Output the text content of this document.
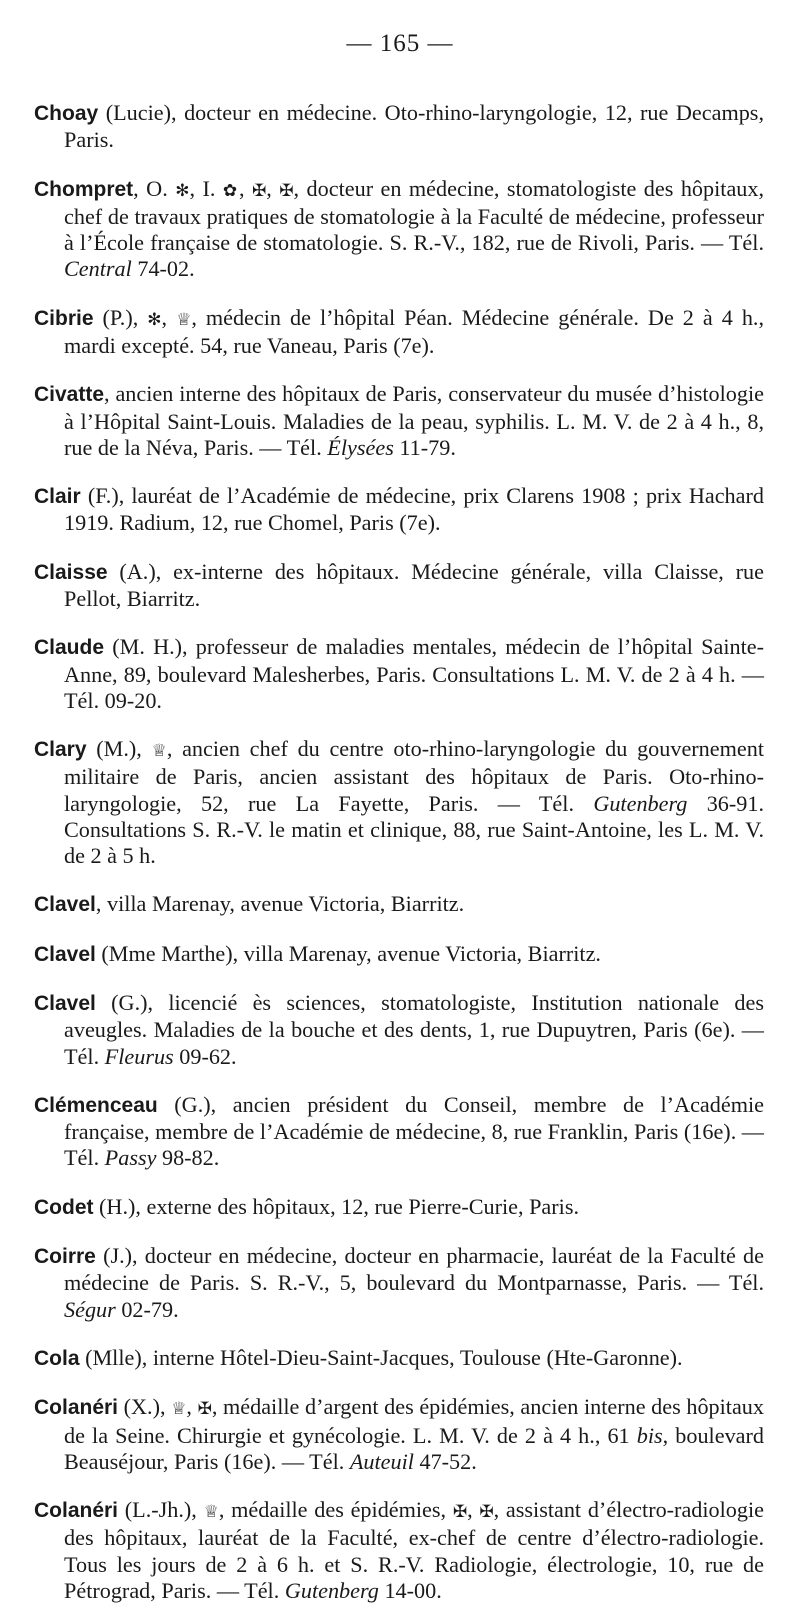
— 165 —

Choay (Lucie), docteur en médecine. Oto-rhino-laryngologie, 12, rue Decamps, Paris.

Chompret, O. ✻, I. ✿, ✠, ✠, docteur en médecine, stomatologiste des hôpitaux, chef de travaux pratiques de stomatologie à la Faculté de médecine, professeur à l’École française de stomatologie. S. R.-V., 182, rue de Rivoli, Paris. — Tél. Central 74-02.

Cibrie (P.), ✻, ♕, médecin de l’hôpital Péan. Médecine générale. De 2 à 4 h., mardi excepté. 54, rue Vaneau, Paris (7e).

Civatte, ancien interne des hôpitaux de Paris, conservateur du musée d’histologie à l’Hôpital Saint-Louis. Maladies de la peau, syphilis. L. M. V. de 2 à 4 h., 8, rue de la Néva, Paris. — Tél. Élysées 11-79.

Clair (F.), lauréat de l’Académie de médecine, prix Clarens 1908 ; prix Hachard 1919. Radium, 12, rue Chomel, Paris (7e).

Claisse (A.), ex-interne des hôpitaux. Médecine générale, villa Claisse, rue Pellot, Biarritz.

Claude (M. H.), professeur de maladies mentales, médecin de l’hôpital Sainte-Anne, 89, boulevard Malesherbes, Paris. Consultations L. M. V. de 2 à 4 h. — Tél. 09-20.

Clary (M.), ♕, ancien chef du centre oto-rhino-laryngologie du gouvernement militaire de Paris, ancien assistant des hôpitaux de Paris. Oto-rhino-laryngologie, 52, rue La Fayette, Paris. — Tél. Gutenberg 36-91. Consultations S. R.-V. le matin et clinique, 88, rue Saint-Antoine, les L. M. V. de 2 à 5 h.

Clavel, villa Marenay, avenue Victoria, Biarritz.

Clavel (Mme Marthe), villa Marenay, avenue Victoria, Biarritz.

Clavel (G.), licencié ès sciences, stomatologiste, Institution nationale des aveugles. Maladies de la bouche et des dents, 1, rue Dupuytren, Paris (6e). — Tél. Fleurus 09-62.

Clémenceau (G.), ancien président du Conseil, membre de l’Académie française, membre de l’Académie de médecine, 8, rue Franklin, Paris (16e). — Tél. Passy 98-82.

Codet (H.), externe des hôpitaux, 12, rue Pierre-Curie, Paris.

Coirre (J.), docteur en médecine, docteur en pharmacie, lauréat de la Faculté de médecine de Paris. S. R.-V., 5, boulevard du Montparnasse, Paris. — Tél. Ségur 02-79.

Cola (Mlle), interne Hôtel-Dieu-Saint-Jacques, Toulouse (Hte-Garonne).

Colanéri (X.), ♕, ✠, médaille d’argent des épidémies, ancien interne des hôpitaux de la Seine. Chirurgie et gynécologie. L. M. V. de 2 à 4 h., 61 bis, boulevard Beauséjour, Paris (16e). — Tél. Auteuil 47-52.

Colanéri (L.-Jh.), ♕, médaille des épidémies, ✠, ✠, assistant d’électro-radiologie des hôpitaux, lauréat de la Faculté, ex-chef de centre d’électro-radiologie. Tous les jours de 2 à 6 h. et S. R.-V. Radiologie, électrologie, 10, rue de Pétrograd, Paris. — Tél. Gutenberg 14-00.
